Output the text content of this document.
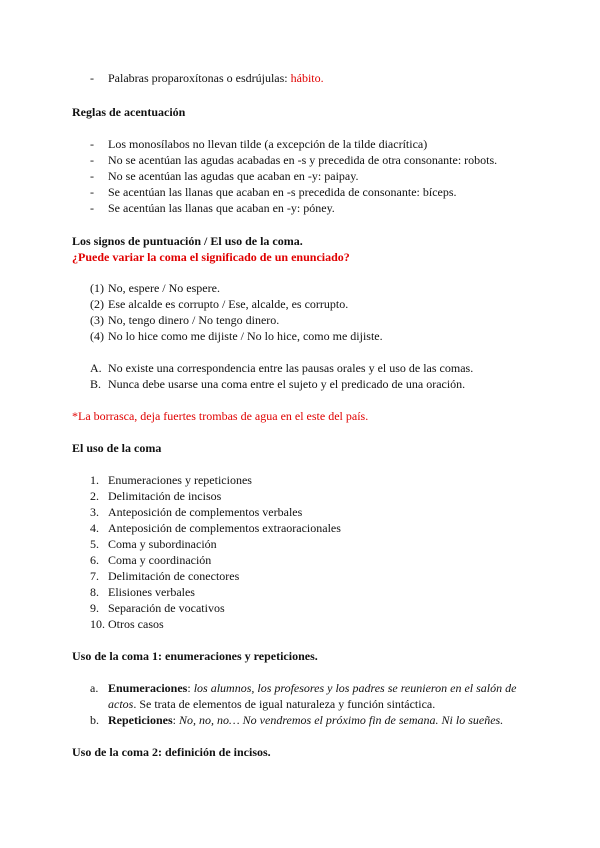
- Palabras proparoxítonas o esdrújulas: hábito.
Reglas de acentuación
- Los monosílabos no llevan tilde (a excepción de la tilde diacrítica)
- No se acentúan las agudas acabadas en -s y precedida de otra consonante: robots.
- No se acentúan las agudas que acaban en -y: paipay.
- Se acentúan las llanas que acaban en -s precedida de consonante: bíceps.
- Se acentúan las llanas que acaban en -y: póney.
Los signos de puntuación / El uso de la coma.
¿Puede variar la coma el significado de un enunciado?
(1) No, espere / No espere.
(2) Ese alcalde es corrupto / Ese, alcalde, es corrupto.
(3) No, tengo dinero / No tengo dinero.
(4) No lo hice como me dijiste / No lo hice, como me dijiste.
A. No existe una correspondencia entre las pausas orales y el uso de las comas.
B. Nunca debe usarse una coma entre el sujeto y el predicado de una oración.
*La borrasca, deja fuertes trombas de agua en el este del país.
El uso de la coma
1. Enumeraciones y repeticiones
2. Delimitación de incisos
3. Anteposición de complementos verbales
4. Anteposición de complementos extraoracionales
5. Coma y subordinación
6. Coma y coordinación
7. Delimitación de conectores
8. Elisiones verbales
9. Separación de vocativos
10. Otros casos
Uso de la coma 1: enumeraciones y repeticiones.
a. Enumeraciones: los alumnos, los profesores y los padres se reunieron en el salón de
actos. Se trata de elementos de igual naturaleza y función sintáctica.
b. Repeticiones: No, no, no… No vendremos el próximo fin de semana. Ni lo sueñes.
Uso de la coma 2: definición de incisos.
